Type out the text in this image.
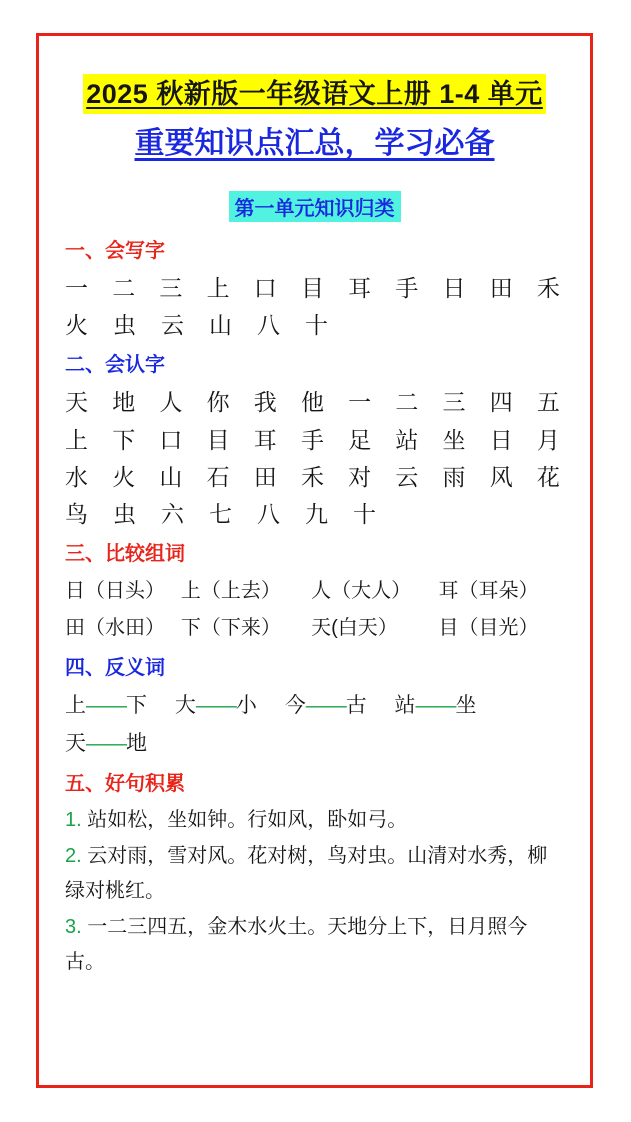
2025 秋新版一年级语文上册 1-4 单元
重要知识点汇总，学习必备
第一单元知识归类
一、会写字
一 二 三 上 口 目 耳 手 日 田 禾
火 虫 云 山 八 十
二、会认字
天 地 人 你 我 他 一 二 三 四 五
上 下 口 目 耳 手 足 站 坐 日 月
水 火 山 石 田 禾 对 云 雨 风 花
鸟 虫 六 七 八 九 十
三、比较组词
日（日头） 上（上去）	人（大人）	耳（耳朵）
田（水田） 下（下来）	天(白天）	目（目光）
四、反义词
上——下 大——小 今——古 站——坐
天——地
五、好句积累
1. 站如松，坐如钟。行如风，卧如弓。
2. 云对雨，雪对风。花对树，鸟对虫。山清对水秀，柳绿对桃红。
3. 一二三四五，金木水火土。天地分上下，日月照今古。
